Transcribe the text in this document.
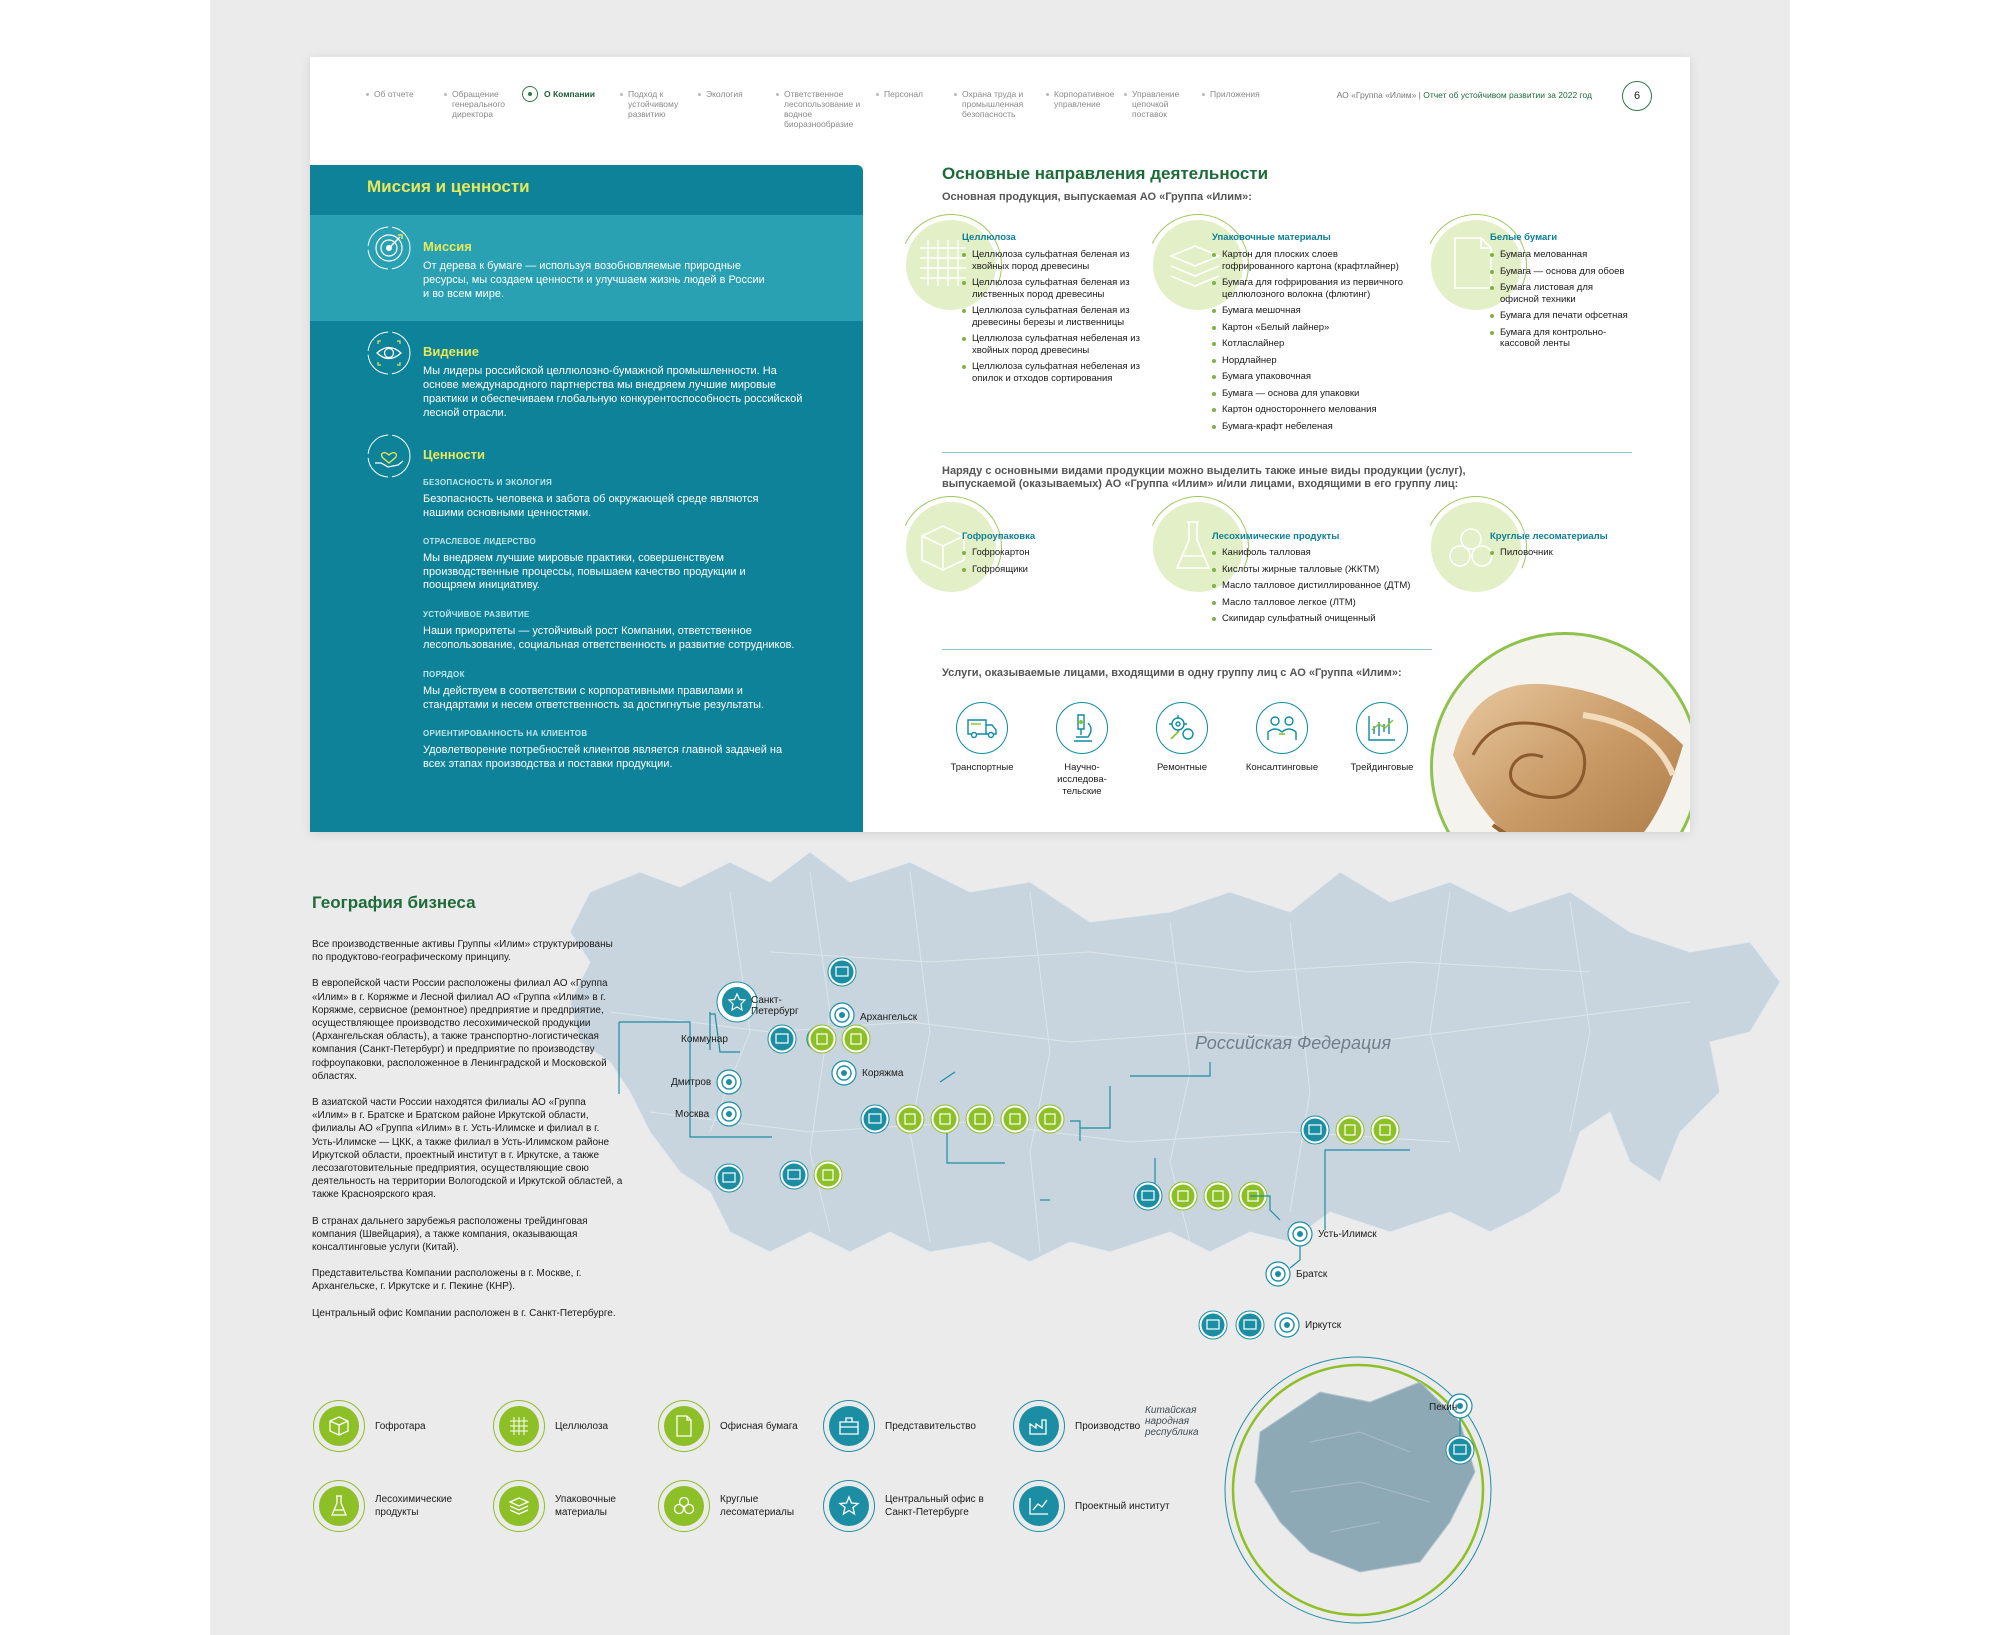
Об отчете	Обращение генерального директора
О Компании	Подход к устойчивому развитию
Экология	Ответственное лесопользование и водное биоразнообразие
Персонал	Охрана труда и промышленная безопасность
Корпоративное управление
Управление цепочкой поставок
Приложения	АО «Группа «Илим» | Отчет об устойчивом развитии за 2022 год	6
Миссия и ценности
Миссия
От дерева к бумаге — используя возобновляемые природные ресурсы, мы создаем ценности и улучшаем жизнь людей в России и во всем мире.
Видение
Мы лидеры российской целлюлозно-бумажной промышленности. На основе международного партнерства мы внедряем лучшие мировые практики и обеспечиваем глобальную конкурентоспособность российской лесной отрасли.
Ценности
БЕЗОПАСНОСТЬ И ЭКОЛОГИЯ
Безопасность человека и забота об окружающей среде являются нашими основными ценностями.
ОТРАСЛЕВОЕ ЛИДЕРСТВО
Мы внедряем лучшие мировые практики, совершенствуем производственные процессы, повышаем качество продукции и поощряем инициативу.
УСТОЙЧИВОЕ РАЗВИТИЕ
Наши приоритеты — устойчивый рост Компании, ответственное лесопользование, социальная ответственность и развитие сотрудников.
ПОРЯДОК
Мы действуем в соответствии с корпоративными правилами и стандартами и несем ответственность за достигнутые результаты.
ОРИЕНТИРОВАННОСТЬ НА КЛИЕНТОВ
Удовлетворение потребностей клиентов является главной задачей на всех этапах производства и поставки продукции.
Основные направления деятельности
Основная продукция, выпускаемая АО «Группа «Илим»:
Целлюлоза
Целлюлоза сульфатная беленая из хвойных пород древесины
Целлюлоза сульфатная беленая из лиственных пород древесины
Целлюлоза сульфатная беленая из древесины березы и лиственницы
Целлюлоза сульфатная небеленая из хвойных пород древесины
Целлюлоза сульфатная небеленая из опилок и отходов сортирования
Упаковочные материалы
Картон для плоских слоев гофрированного картона (крафтлайнер)
Бумага для гофрирования из первичного целлюлозного волокна (флютинг)
Бумага мешочная
Картон «Белый лайнер»
Котласлайнер
Нордлайнер
Бумага упаковочная
Бумага — основа для упаковки
Картон одностороннего мелования
Бумага-крафт небеленая
Белые бумаги
Бумага мелованная
Бумага — основа для обоев
Бумага листовая для офисной техники
Бумага для печати офсетная
Бумага для контрольно-кассовой ленты
Наряду с основными видами продукции можно выделить также иные виды продукции (услуг), выпускаемой (оказываемых) АО «Группа «Илим» и/или лицами, входящими в его группу лиц:
Гофроупаковка
Гофрокартон
Гофроящики
Лесохимические продукты
Канифоль талловая
Кислоты жирные талловые (ЖКТМ)
Масло талловое дистиллированное (ДТМ)
Масло талловое легкое (ЛТМ)
Скипидар сульфатный очищенный
Круглые лесоматериалы
Пиловочник
Услуги, оказываемые лицами, входящими в одну группу лиц с АО «Группа «Илим»:
Транспортные	Научно-исследова-тельские
Ремонтные	Консалтинговые	Трейдинговые
Российская Федерация
Китайская народная республика
География бизнеса

Все производственные активы Группы «Илим» структурированы по продуктово-географическому принципу.

В европейской части России расположены филиал АО «Группа «Илим» в г. Коряжме и Лесной филиал АО «Группа «Илим» в г. Коряжме, сервисное (ремонтное) предприятие и предприятие, осуществляющее производство лесохимической продукции (Архангельская область), а также транспортно-логистическая компания (Санкт-Петербург) и предприятие по производству гофроупаковки, расположенное в Ленинградской и Московской областях.

В азиатской части России находятся филиалы АО «Группа «Илим» в г. Братске и Братском районе Иркутской области, филиалы АО «Группа «Илим» в г. Усть-Илимске и филиал в г. Усть-Илимске — ЦКК, а также филиал в Усть-Илимском районе Иркутской области, проектный институт в г. Иркутске, а также лесозаготовительные предприятия, осуществляющие свою деятельность на территории Вологодской и Иркутской областей, а также Красноярского края.

В странах дальнего зарубежья расположены трейдинговая компания (Швейцария), а также компания, оказывающая консалтинговые услуги (Китай).

Представительства Компании расположены в г. Москве, г. Архангельске, г. Иркутске и г. Пекине (КНР).

Центральный офис Компании расположен в г. Санкт-Петербурге.

Санкт-Петербург
Архангельск
Коммунар
Коряжма
Дмитров
Москва
Усть-Илимск
Братск
Иркутск
Пекин
Гофротара	Целлюлоза	Офисная бумага	Представительство	Производство
Лесохимические продукты
Упаковочные материалы
Круглые лесоматериалы
Центральный офис в Санкт-Петербурге
Проектный институт
